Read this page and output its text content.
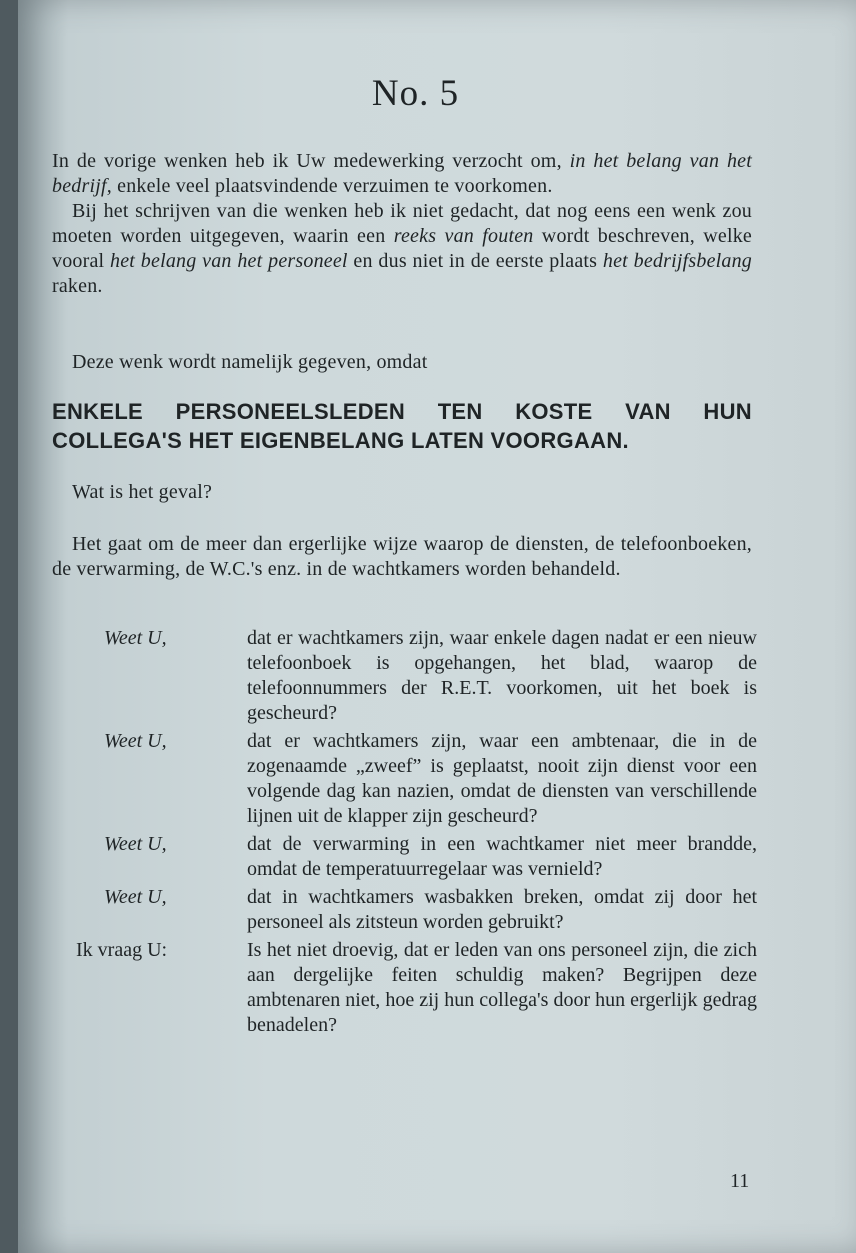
No. 5
In de vorige wenken heb ik Uw medewerking verzocht om, in het belang van het bedrijf, enkele veel plaatsvindende verzuimen te voorkomen.
Bij het schrijven van die wenken heb ik niet gedacht, dat nog eens een wenk zou moeten worden uitgegeven, waarin een reeks van fouten wordt beschreven, welke vooral het belang van het personeel en dus niet in de eerste plaats het bedrijfsbelang raken.
Deze wenk wordt namelijk gegeven, omdat
ENKELE PERSONEELSLEDEN TEN KOSTE VAN HUN COLLEGA'S HET EIGENBELANG LATEN VOORGAAN.
Wat is het geval?
Het gaat om de meer dan ergerlijke wijze waarop de diensten, de telefoonboeken, de verwarming, de W.C.'s enz. in de wachtkamers worden behandeld.
Weet U,	dat er wachtkamers zijn, waar enkele dagen nadat er een nieuw telefoonboek is opgehangen, het blad, waarop de telefoonnummers der R.E.T. voorkomen, uit het boek is gescheurd?
Weet U,	dat er wachtkamers zijn, waar een ambtenaar, die in de zogenaamde „zweef” is geplaatst, nooit zijn dienst voor een volgende dag kan nazien, omdat de diensten van verschillende lijnen uit de klapper zijn gescheurd?
Weet U,	dat de verwarming in een wachtkamer niet meer brandde, omdat de temperatuurregelaar was vernield?
Weet U,	dat in wachtkamers wasbakken breken, omdat zij door het personeel als zitsteun worden gebruikt?
Ik vraag U:	Is het niet droevig, dat er leden van ons personeel zijn, die zich aan dergelijke feiten schuldig maken? Begrijpen deze ambtenaren niet, hoe zij hun collega's door hun ergerlijk gedrag benadelen?
11
